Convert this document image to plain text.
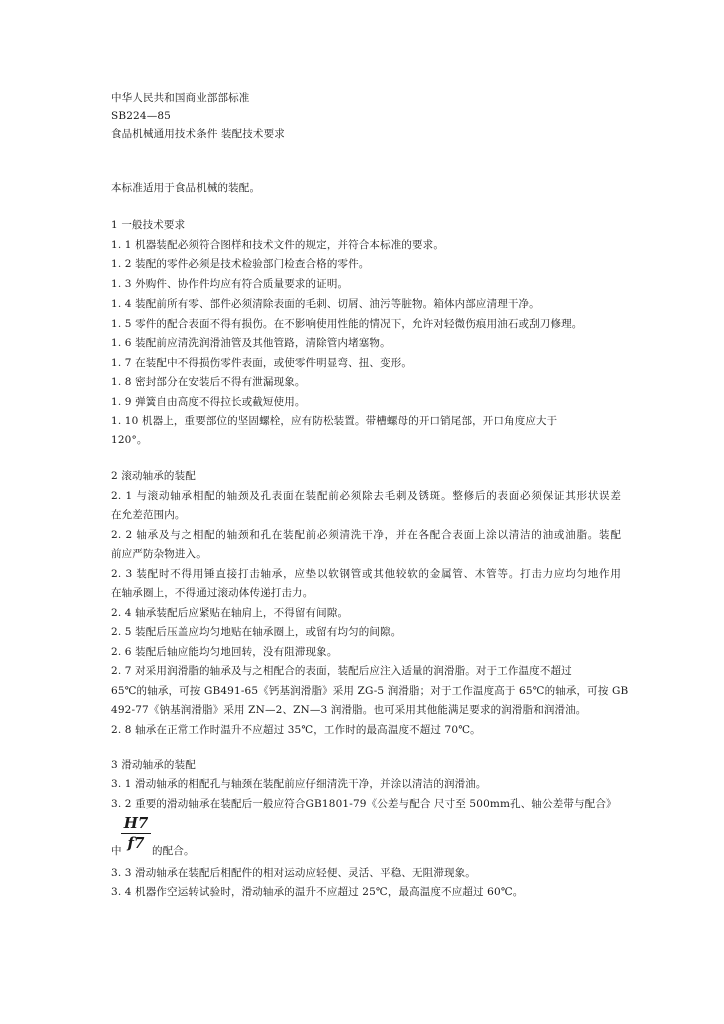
中华人民共和国商业部部标准
SB224—85
食品机械通用技术条件 装配技术要求
本标准适用于食品机械的装配。
1 一般技术要求
1. 1 机器装配必须符合图样和技术文件的规定，并符合本标准的要求。
1. 2 装配的零件必须是技术检验部门检查合格的零件。
1. 3 外购件、协作件均应有符合质量要求的证明。
1. 4 装配前所有零、部件必须清除表面的毛刺、切屑、油污等脏物。箱体内部应清理干净。
1. 5 零件的配合表面不得有损伤。在不影响使用性能的情况下，允许对轻微伤痕用油石或刮刀修理。
1. 6 装配前应清洗润滑油管及其他管路，清除管内堵塞物。
1. 7 在装配中不得损伤零件表面，或使零件明显弯、扭、变形。
1. 8 密封部分在安装后不得有泄漏现象。
1. 9 弹簧自由高度不得拉长或截短使用。
1. 10 机器上，重要部位的坚固螺栓，应有防松装置。带槽螺母的开口销尾部，开口角度应大于
120°。
2 滚动轴承的装配
2. 1 与滚动轴承相配的轴颈及孔表面在装配前必须除去毛刺及锈斑。整修后的表面必须保证其形状误差
在允差范围内。
2. 2 轴承及与之相配的轴颈和孔在装配前必须清洗干净，并在各配合表面上涂以清洁的油或油脂。装配
前应严防杂物进入。
2. 3 装配时不得用锤直接打击轴承，应垫以软钢管或其他较软的金属管、木管等。打击力应均匀地作用
在轴承圈上，不得通过滚动体传递打击力。
2. 4 轴承装配后应紧贴在轴肩上，不得留有间隙。
2. 5 装配后压盖应均匀地贴在轴承圈上，或留有均匀的间隙。
2. 6 装配后轴应能均匀地回转，没有阻滞现象。
2. 7 对采用润滑脂的轴承及与之相配合的表面，装配后应注入适量的润滑脂。对于工作温度不超过
65℃的轴承，可按 GB491-65《钙基润滑脂》采用 ZG-5 润滑脂；对于工作温度高于 65℃的轴承，可按 GB
492-77《钠基润滑脂》采用 ZN—2、ZN—3 润滑脂。也可采用其他能满足要求的润滑脂和润滑油。
2. 8 轴承在正常工作时温升不应超过 35℃，工作时的最高温度不超过 70℃。
3 滑动轴承的装配
3. 1 滑动轴承的相配孔与轴颈在装配前应仔细清洗干净，并涂以清洁的润滑油。
3. 2 重要的滑动轴承在装配后一般应符合GB1801-79《公差与配合 尺寸至 500mm孔、轴公差带与配合》
H7
f7
中	的配合。
3. 3 滑动轴承在装配后相配件的相对运动应轻便、灵活、平稳、无阻滞现象。
3. 4 机器作空运转试验时，滑动轴承的温升不应超过 25℃，最高温度不应超过 60℃。
